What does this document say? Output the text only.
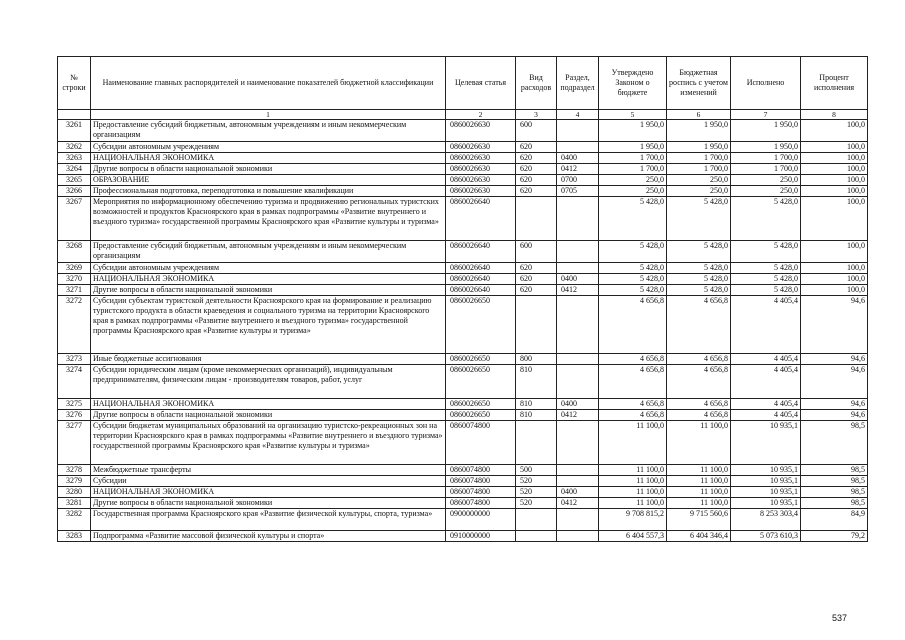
№ строки	Наименование главных распорядителей и наименование показателей бюджетной классификации	Целевая статья	Вид расходов	Раздел, подраздел	Утверждено Законом о бюджете	Бюджетная роспись с учетом изменений	Исполнено	Процент исполнения
	1	2	3	4	5	6	7	8
3261	Предоставление субсидий бюджетным, автономным учреждениям и иным некоммерческим организациям	0860026630	600		1 950,0	1 950,0	1 950,0	100,0
3262	Субсидии автономным учреждениям	0860026630	620		1 950,0	1 950,0	1 950,0	100,0
3263	НАЦИОНАЛЬНАЯ ЭКОНОМИКА	0860026630	620	0400	1 700,0	1 700,0	1 700,0	100,0
3264	Другие вопросы в области национальной экономики	0860026630	620	0412	1 700,0	1 700,0	1 700,0	100,0
3265	ОБРАЗОВАНИЕ	0860026630	620	0700	250,0	250,0	250,0	100,0
3266	Профессиональная подготовка, переподготовка и повышение квалификации	0860026630	620	0705	250,0	250,0	250,0	100,0
3267	Мероприятия по информационному обеспечению туризма и продвижению региональных туристских возможностей и продуктов Красноярского края в рамках подпрограммы «Развитие внутреннего и въездного туризма» государственной программы Красноярского края «Развитие культуры и туризма»	0860026640			5 428,0	5 428,0	5 428,0	100,0
3268	Предоставление субсидий бюджетным, автономным учреждениям и иным некоммерческим организациям	0860026640	600		5 428,0	5 428,0	5 428,0	100,0
3269	Субсидии автономным учреждениям	0860026640	620		5 428,0	5 428,0	5 428,0	100,0
3270	НАЦИОНАЛЬНАЯ ЭКОНОМИКА	0860026640	620	0400	5 428,0	5 428,0	5 428,0	100,0
3271	Другие вопросы в области национальной экономики	0860026640	620	0412	5 428,0	5 428,0	5 428,0	100,0
3272	Субсидии субъектам туристской деятельности Красноярского края на формирование и реализацию туристского продукта в области краеведения и социального туризма на территории Красноярского края в рамках подпрограммы «Развитие внутреннего и въездного туризма» государственной программы Красноярского края «Развитие культуры и туризма»	0860026650			4 656,8	4 656,8	4 405,4	94,6
3273	Иные бюджетные ассигнования	0860026650	800		4 656,8	4 656,8	4 405,4	94,6
3274	Субсидии юридическим лицам (кроме некоммерческих организаций), индивидуальным предпринимателям, физическим лицам - производителям товаров, работ, услуг	0860026650	810		4 656,8	4 656,8	4 405,4	94,6
3275	НАЦИОНАЛЬНАЯ ЭКОНОМИКА	0860026650	810	0400	4 656,8	4 656,8	4 405,4	94,6
3276	Другие вопросы в области национальной экономики	0860026650	810	0412	4 656,8	4 656,8	4 405,4	94,6
3277	Субсидии бюджетам муниципальных образований на организацию туристско-рекреационных зон на территории Красноярского края в рамках подпрограммы «Развитие внутреннего и въездного туризма» государственной программы Красноярского края «Развитие культуры и туризма»	0860074800			11 100,0	11 100,0	10 935,1	98,5
3278	Межбюджетные трансферты	0860074800	500		11 100,0	11 100,0	10 935,1	98,5
3279	Субсидии	0860074800	520		11 100,0	11 100,0	10 935,1	98,5
3280	НАЦИОНАЛЬНАЯ ЭКОНОМИКА	0860074800	520	0400	11 100,0	11 100,0	10 935,1	98,5
3281	Другие вопросы в области национальной экономики	0860074800	520	0412	11 100,0	11 100,0	10 935,1	98,5
3282	Государственная программа Красноярского края «Развитие физической культуры, спорта, туризма»	0900000000			9 708 815,2	9 715 560,6	8 253 303,4	84,9
3283	Подпрограмма «Развитие массовой физической культуры и спорта»	0910000000			6 404 557,3	6 404 346,4	5 073 610,3	79,2
537
